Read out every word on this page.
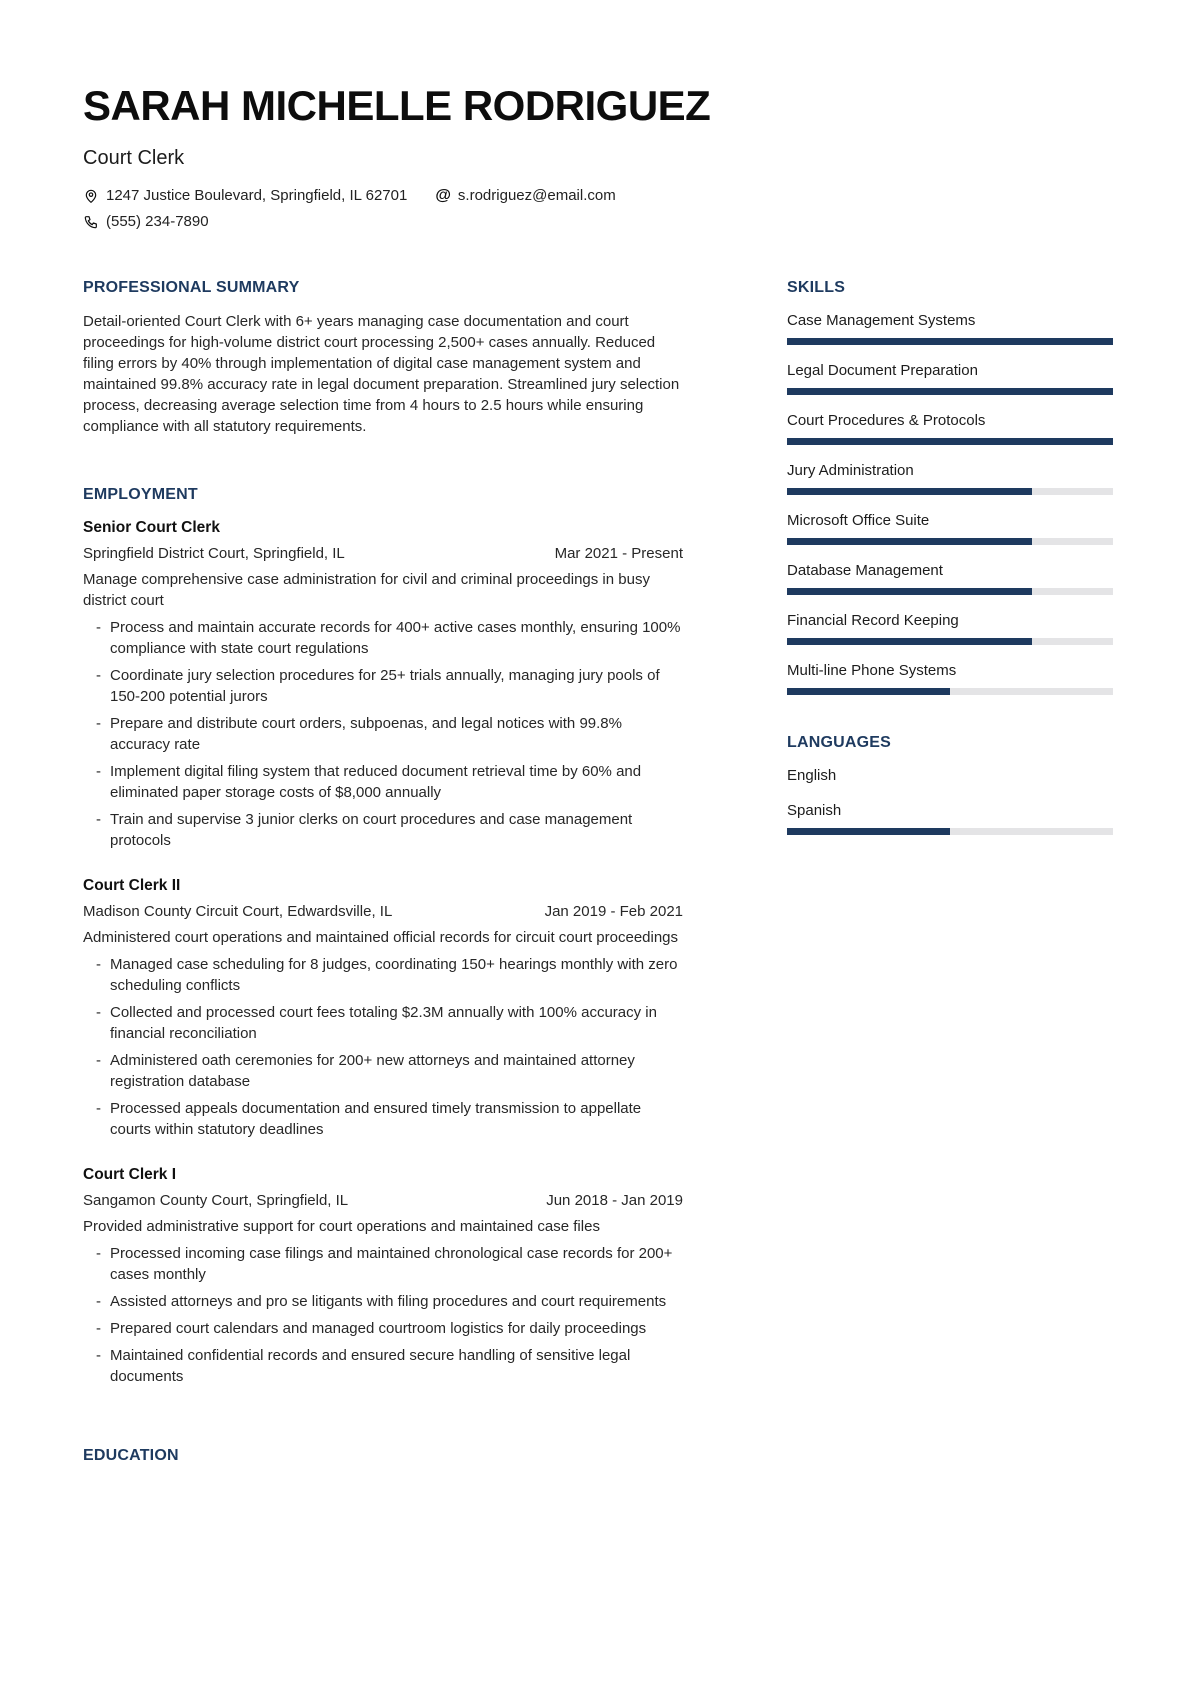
SARAH MICHELLE RODRIGUEZ
Court Clerk
1247 Justice Boulevard, Springfield, IL 62701 @ s.rodriguez@email.com
(555) 234-7890
PROFESSIONAL SUMMARY

Detail-oriented Court Clerk with 6+ years managing case documentation and court proceedings for high-volume district court processing 2,500+ cases annually. Reduced filing errors by 40% through implementation of digital case management system and maintained 99.8% accuracy rate in legal document preparation. Streamlined jury selection process, decreasing average selection time from 4 hours to 2.5 hours while ensuring compliance with all statutory requirements.

EMPLOYMENT
Senior Court Clerk
Springfield District Court, Springfield, IL	Mar 2021 - Present

Manage comprehensive case administration for civil and criminal proceedings in busy district court

- Process and maintain accurate records for 400+ active cases monthly, ensuring 100% compliance with state court regulations
- Coordinate jury selection procedures for 25+ trials annually, managing jury pools of 150-200 potential jurors
- Prepare and distribute court orders, subpoenas, and legal notices with 99.8% accuracy rate
- Implement digital filing system that reduced document retrieval time by 60% and eliminated paper storage costs of $8,000 annually
- Train and supervise 3 junior clerks on court procedures and case management protocols
Court Clerk II
Madison County Circuit Court, Edwardsville, IL	Jan 2019 - Feb 2021

Administered court operations and maintained official records for circuit court proceedings

- Managed case scheduling for 8 judges, coordinating 150+ hearings monthly with zero scheduling conflicts
- Collected and processed court fees totaling $2.3M annually with 100% accuracy in financial reconciliation
- Administered oath ceremonies for 200+ new attorneys and maintained attorney registration database
- Processed appeals documentation and ensured timely transmission to appellate courts within statutory deadlines
Court Clerk I
Sangamon County Court, Springfield, IL	Jun 2018 - Jan 2019

Provided administrative support for court operations and maintained case files

- Processed incoming case filings and maintained chronological case records for 200+ cases monthly
- Assisted attorneys and pro se litigants with filing procedures and court requirements
- Prepared court calendars and managed courtroom logistics for daily proceedings
- Maintained confidential records and ensured secure handling of sensitive legal documents
EDUCATION
SKILLS
Case Management Systems
Legal Document Preparation
Court Procedures & Protocols
Jury Administration
Microsoft Office Suite
Database Management
Financial Record Keeping
Multi-line Phone Systems
LANGUAGES
English
Spanish
